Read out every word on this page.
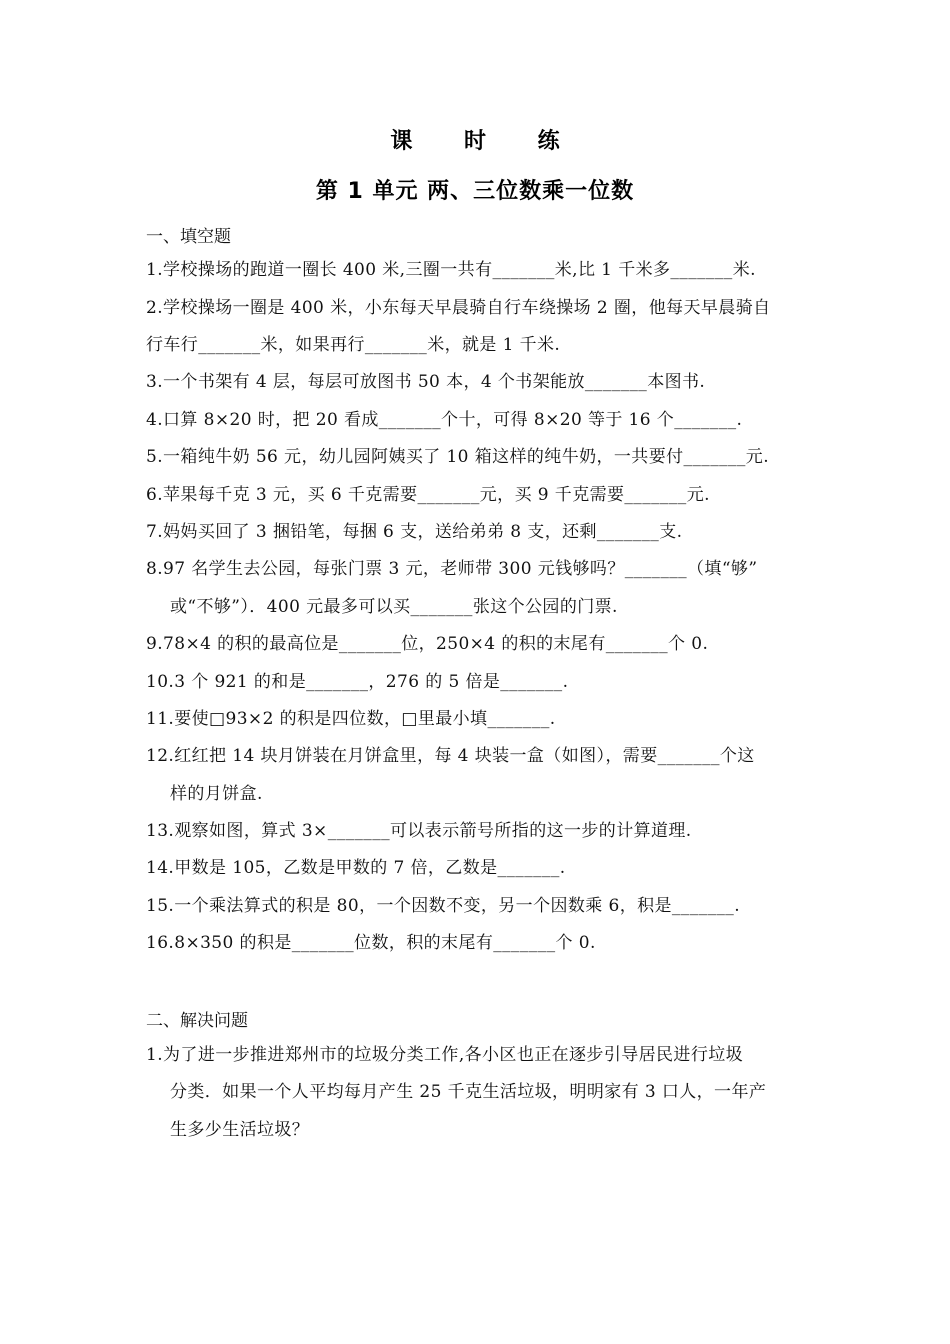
课 时 练
第 1 单元 两、三位数乘一位数
一、填空题
1.学校操场的跑道一圈长 400 米,三圈一共有_______米,比 1 千米多_______米.
2.学校操场一圈是 400 米，小东每天早晨骑自行车绕操场 2 圈，他每天早晨骑自
行车行_______米，如果再行_______米，就是 1 千米.
3.一个书架有 4 层，每层可放图书 50 本，4 个书架能放_______本图书.
4.口算 8×20 时，把 20 看成_______个十，可得 8×20 等于 16 个_______.
5.一箱纯牛奶 56 元，幼儿园阿姨买了 10 箱这样的纯牛奶，一共要付_______元.
6.苹果每千克 3 元，买 6 千克需要_______元，买 9 千克需要_______元.
7.妈妈买回了 3 捆铅笔，每捆 6 支，送给弟弟 8 支，还剩_______支.
8.97 名学生去公园，每张门票 3 元，老师带 300 元钱够吗？_______（填“够”
或“不够”）．400 元最多可以买_______张这个公园的门票.
9.78×4 的积的最高位是_______位，250×4 的积的末尾有_______个 0.
10.3 个 921 的和是_______，276 的 5 倍是_______.
11.要使□93×2 的积是四位数，□里最小填_______.
12.红红把 14 块月饼装在月饼盒里，每 4 块装一盒（如图），需要_______个这
样的月饼盒.
13.观察如图，算式 3×_______可以表示箭号所指的这一步的计算道理.
14.甲数是 105，乙数是甲数的 7 倍，乙数是_______.
15.一个乘法算式的积是 80，一个因数不变，另一个因数乘 6，积是_______.
16.8×350 的积是_______位数，积的末尾有_______个 0.
二、解决问题
1.为了进一步推进郑州市的垃圾分类工作,各小区也正在逐步引导居民进行垃圾
分类．如果一个人平均每月产生 25 千克生活垃圾，明明家有 3 口人，一年产
生多少生活垃圾？
